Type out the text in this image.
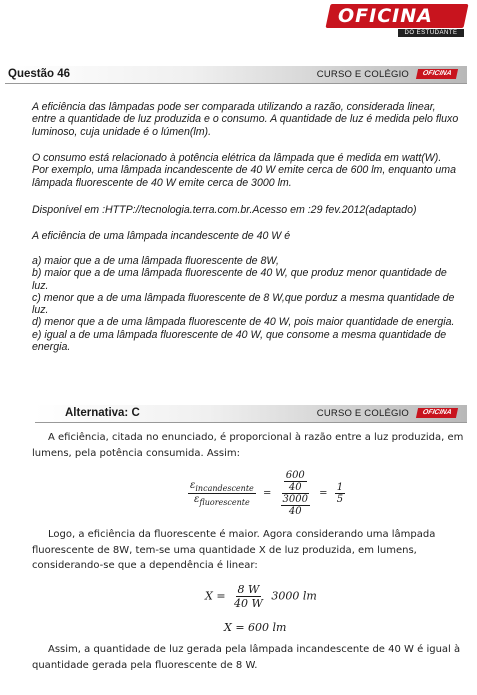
OFICINA
DO ESTUDANTE
Questão 46	CURSO E COLÉGIO	OFICINA

A eficiência das lâmpadas pode ser comparada utilizando a razão, considerada linear, entre a quantidade de luz produzida e o consumo. A quantidade de luz é medida pelo fluxo luminoso, cuja unidade é o lúmen(lm).

O consumo está relacionado à potência elétrica da lâmpada que é medida em watt(W). Por exemplo, uma lâmpada incandescente de 40 W emite cerca de 600 lm, enquanto uma lâmpada fluorescente de 40 W emite cerca de 3000 lm.

Disponível em :HTTP://tecnologia.terra.com.br.Acesso em :29 fev.2012(adaptado)

A eficiência de uma lâmpada incandescente de 40 W é

a) maior que a de uma lâmpada fluorescente de 8W,

b) maior que a de uma lâmpada fluorescente de 40 W, que produz menor quantidade de luz.

c) menor que a de uma lâmpada fluorescente de 8 W,que porduz a mesma quantidade de luz.

d) menor que a de uma lâmpada fluorescente de 40 W, pois maior quantidade de energia.

e) igual a de uma lâmpada fluorescente de 40 W, que consome a mesma quantidade de energia.

Alternativa: C	CURSO E COLÉGIO	OFICINA

A eficiência, citada no enunciado, é proporcional à razão entre a luz produzida, em lumens, pela potência consumida. Assim:

$\frac{\varepsilon_{incandescente}}{\varepsilon_{fluorescente}} = \frac{\frac{600}{40}}{\frac{3000}{40}} = \frac{1}{5}$

Logo, a eficiência da fluorescente é maior. Agora considerando uma lâmpada fluorescente de 8W, tem-se uma quantidade X de luz produzida, em lumens, considerando-se que a dependência é linear:

$X = \frac{8 W}{40 W} 3000$ lm
X = 600 lm

Assim, a quantidade de luz gerada pela lâmpada incandescente de 40 W é igual à quantidade gerada pela fluorescente de 8 W.
